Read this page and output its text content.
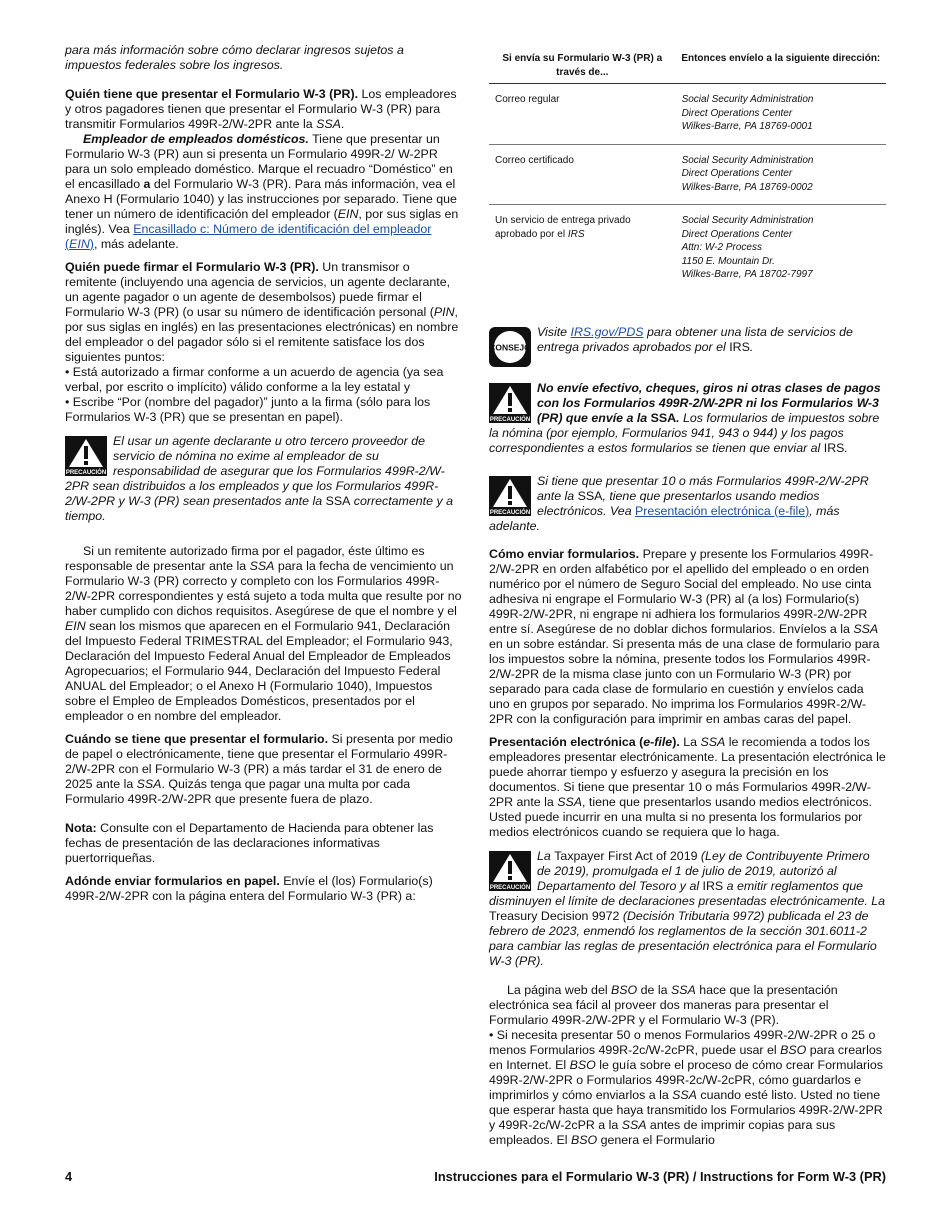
para más información sobre cómo declarar ingresos sujetos a impuestos federales sobre los ingresos.

Quién tiene que presentar el Formulario W-3 (PR). Los empleadores y otros pagadores tienen que presentar el Formulario W-3 (PR) para transmitir Formularios 499R-2/W-2PR ante la SSA.

Empleador de empleados domésticos. Tiene que presentar un Formulario W-3 (PR) aun si presenta un Formulario 499R-2/ W-2PR para un solo empleado doméstico. Marque el recuadro “Doméstico” en el encasillado a del Formulario W-3 (PR). Para más información, vea el Anexo H (Formulario 1040) y las instrucciones por separado. Tiene que tener un número de identificación del empleador (EIN, por sus siglas en inglés). Vea Encasillado c: Número de identificación del empleador (EIN), más adelante.

Quién puede firmar el Formulario W-3 (PR). Un transmisor o remitente (incluyendo una agencia de servicios, un agente declarante, un agente pagador o un agente de desembolsos) puede firmar el Formulario W-3 (PR) (o usar su número de identificación personal (PIN, por sus siglas en inglés) en las presentaciones electrónicas) en nombre del empleador o del pagador sólo si el remitente satisface los dos siguientes puntos:

• Está autorizado a firmar conforme a un acuerdo de agencia (ya sea verbal, por escrito o implícito) válido conforme a la ley estatal y

• Escribe “Por (nombre del pagador)” junto a la firma (sólo para los Formularios W-3 (PR) que se presentan en papel).

PRECAUCIÓN

El usar un agente declarante u otro tercero proveedor de servicio de nómina no exime al empleador de su responsabilidad de asegurar que los Formularios 499R-2/W-2PR sean distribuidos a los empleados y que los Formularios 499R-2/W-2PR y W-3 (PR) sean presentados ante la SSA correctamente y a tiempo.

Si un remitente autorizado firma por el pagador, éste último es responsable de presentar ante la SSA para la fecha de vencimiento un Formulario W-3 (PR) correcto y completo con los Formularios 499R-2/W-2PR correspondientes y está sujeto a toda multa que resulte por no haber cumplido con dichos requisitos. Asegúrese de que el nombre y el EIN sean los mismos que aparecen en el Formulario 941, Declaración del Impuesto Federal TRIMESTRAL del Empleador; el Formulario 943, Declaración del Impuesto Federal Anual del Empleador de Empleados Agropecuarios; el Formulario 944, Declaración del Impuesto Federal ANUAL del Empleador; o el Anexo H (Formulario 1040), Impuestos sobre el Empleo de Empleados Domésticos, presentados por el empleador o en nombre del empleador.

Cuándo se tiene que presentar el formulario. Si presenta por medio de papel o electrónicamente, tiene que presentar el Formulario 499R-2/W-2PR con el Formulario W-3 (PR) a más tardar el 31 de enero de 2025 ante la SSA. Quizás tenga que pagar una multa por cada Formulario 499R-2/W-2PR que presente fuera de plazo.

Nota: Consulte con el Departamento de Hacienda para obtener las fechas de presentación de las declaraciones informativas puertorriqueñas.

Adónde enviar formularios en papel. Envíe el (los) Formulario(s) 499R-2/W-2PR con la página entera del Formulario W-3 (PR) a:

Si envía su Formulario W-3 (PR) a través de...	Entonces envíelo a la siguiente dirección:
Correo regular	Social Security Administration
Direct Operations Center
Wilkes-Barre, PA 18769-0001

Correo certificado	Social Security Administration
Direct Operations Center
Wilkes-Barre, PA 18769-0002

Un servicio de entrega privado aprobado por el IRS	Social Security Administration
Direct Operations Center
Attn: W-2 Process
1150 E. Mountain Dr.
Wilkes-Barre, PA 18702-7997
CONSEJO

Visite IRS.gov/PDS para obtener una lista de servicios de entrega privados aprobados por el IRS.

PRECAUCIÓN

No envíe efectivo, cheques, giros ni otras clases de pagos con los Formularios 499R-2/W-2PR ni los Formularios W-3 (PR) que envíe a la SSA. Los formularios de impuestos sobre la nómina (por ejemplo, Formularios 941, 943 o 944) y los pagos correspondientes a estos formularios se tienen que enviar al IRS.

PRECAUCIÓN

Si tiene que presentar 10 o más Formularios 499R-2/W-2PR ante la SSA, tiene que presentarlos usando medios electrónicos. Vea Presentación electrónica (e-file), más adelante.

Cómo enviar formularios. Prepare y presente los Formularios 499R-2/W-2PR en orden alfabético por el apellido del empleado o en orden numérico por el número de Seguro Social del empleado. No use cinta adhesiva ni engrape el Formulario W-3 (PR) al (a los) Formulario(s) 499R-2/W-2PR, ni engrape ni adhiera los formularios 499R-2/W-2PR entre sí. Asegúrese de no doblar dichos formularios. Envíelos a la SSA en un sobre estándar. Si presenta más de una clase de formulario para los impuestos sobre la nómina, presente todos los Formularios 499R-2/W-2PR de la misma clase junto con un Formulario W-3 (PR) por separado para cada clase de formulario en cuestión y envíelos cada uno en grupos por separado. No imprima los Formularios 499R-2/W-2PR con la configuración para imprimir en ambas caras del papel.

Presentación electrónica (e-file). La SSA le recomienda a todos los empleadores presentar electrónicamente. La presentación electrónica le puede ahorrar tiempo y esfuerzo y asegura la precisión en los documentos. Si tiene que presentar 10 o más Formularios 499R-2/W-2PR ante la SSA, tiene que presentarlos usando medios electrónicos. Usted puede incurrir en una multa si no presenta los formularios por medios electrónicos cuando se requiera que lo haga.

PRECAUCIÓN

La Taxpayer First Act of 2019 (Ley de Contribuyente Primero de 2019), promulgada el 1 de julio de 2019, autorizó al Departamento del Tesoro y al IRS a emitir reglamentos que disminuyen el límite de declaraciones presentadas electrónicamente. La Treasury Decision 9972 (Decisión Tributaria 9972) publicada el 23 de febrero de 2023, enmendó los reglamentos de la sección 301.6011-2 para cambiar las reglas de presentación electrónica para el Formulario W-3 (PR).

La página web del BSO de la SSA hace que la presentación electrónica sea fácil al proveer dos maneras para presentar el Formulario 499R-2/W-2PR y el Formulario W-3 (PR).

• Si necesita presentar 50 o menos Formularios 499R-2/W-2PR o 25 o menos Formularios 499R-2c/W-2cPR, puede usar el BSO para crearlos en Internet. El BSO le guía sobre el proceso de cómo crear Formularios 499R-2/W-2PR o Formularios 499R-2c/W-2cPR, cómo guardarlos e imprimirlos y cómo enviarlos a la SSA cuando esté listo. Usted no tiene que esperar hasta que haya transmitido los Formularios 499R-2/W-2PR y 499R-2c/W-2cPR a la SSA antes de imprimir copias para sus empleados. El BSO genera el Formulario

4	Instrucciones para el Formulario W-3 (PR) / Instructions for Form W-3 (PR)
